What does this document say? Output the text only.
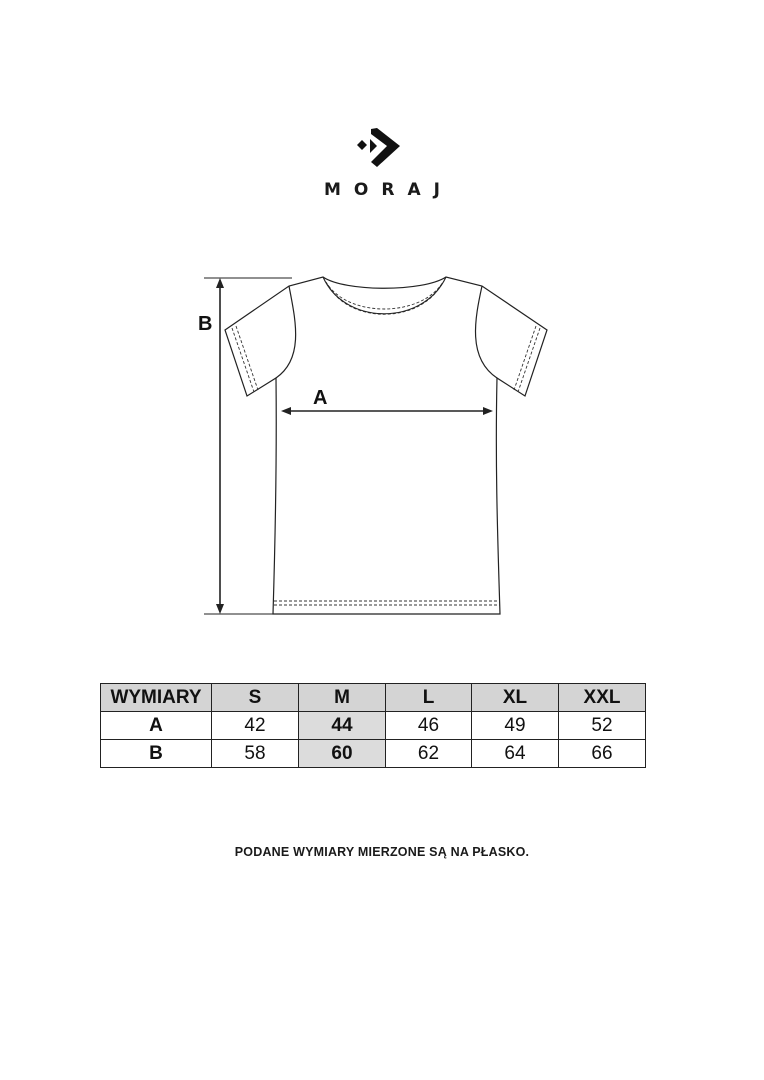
MORAJ
B
A
WYMIARY	S	M	L	XL	XXL
A	42	44	46	49	52
B	58	60	62	64	66
PODANE WYMIARY MIERZONE SĄ NA PŁASKO.
